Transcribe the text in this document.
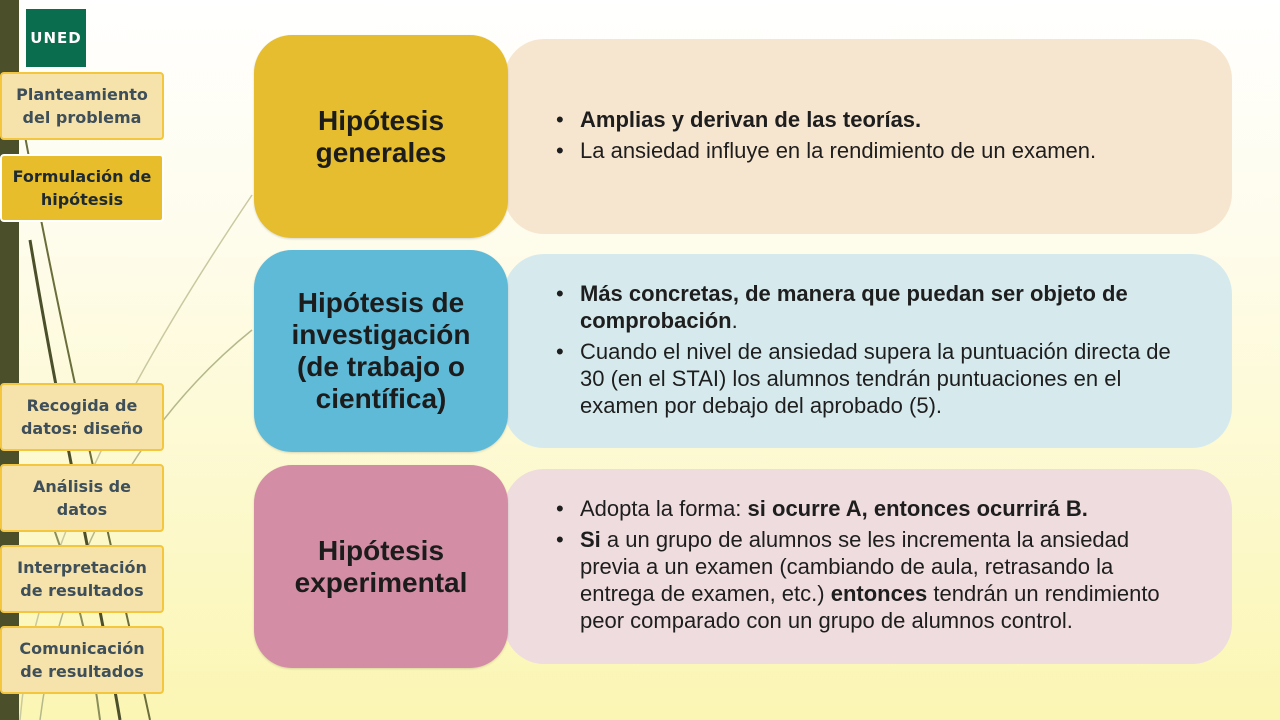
UNED
Planteamiento
del problema
Formulación de
hipótesis
Recogida de
datos: diseño
Análisis de
datos
Interpretación
de resultados
Comunicación
de resultados
• Amplias y derivan de las teorías.
• La ansiedad influye en la rendimiento de un examen.
Hipótesis
generales
• Más concretas, de manera que puedan ser objeto de comprobación.
• Cuando el nivel de ansiedad supera la puntuación directa de 30 (en el STAI) los alumnos tendrán puntuaciones en el examen por debajo del aprobado (5).
Hipótesis de
investigación
(de trabajo o
científica)
• Adopta la forma: si ocurre A, entonces ocurrirá B.
• Si a un grupo de alumnos se les incrementa la ansiedad previa a un examen (cambiando de aula, retrasando la entrega de examen, etc.) entonces tendrán un rendimiento peor comparado con un grupo de alumnos control.
Hipótesis
experimental
